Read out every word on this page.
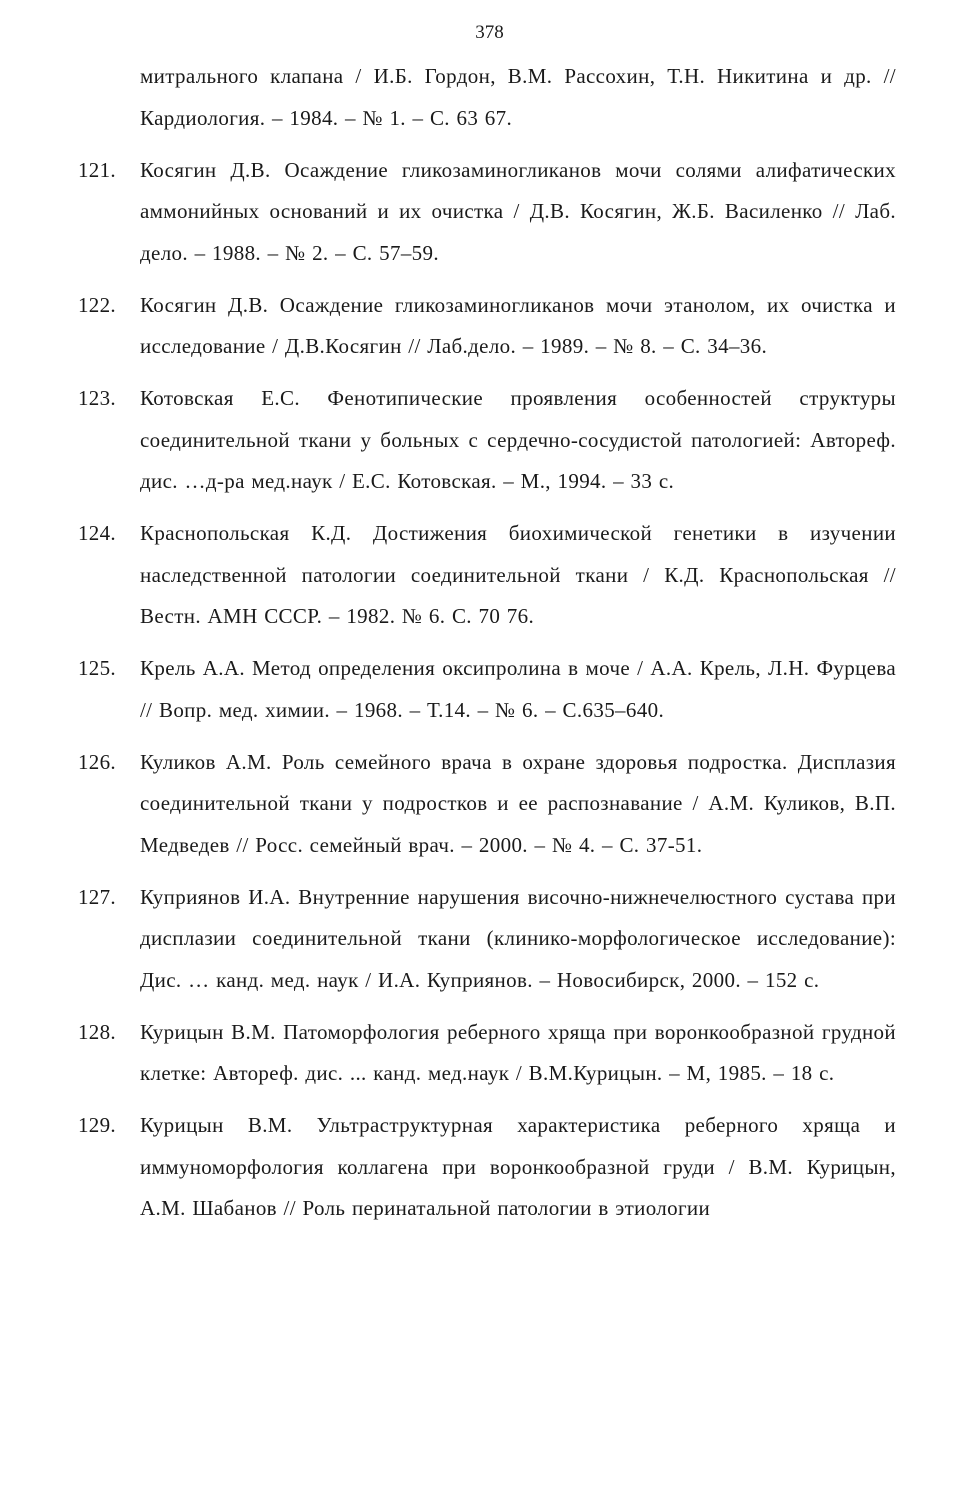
378
митрального клапана / И.Б. Гордон, В.М. Рассохин, Т.Н. Никитина и др. // Кардиология. – 1984. – № 1. – С. 63 67.
121.	Косягин Д.В. Осаждение гликозаминогликанов мочи солями алифатических аммонийных оснований и их очистка / Д.В. Косягин, Ж.Б. Василенко // Лаб. дело. – 1988. – № 2. – С. 57–59.
122.	Косягин Д.В. Осаждение гликозаминогликанов мочи этанолом, их очистка и исследование / Д.В.Косягин // Лаб.дело. – 1989. – № 8. – С. 34–36.
123.	Котовская Е.С. Фенотипические проявления особенностей структуры соединительной ткани у больных с сердечно-сосудистой патологией: Автореф. дис. …д-ра мед.наук / Е.С. Котовская. – М., 1994. – 33 с.
124.	Краснопольская К.Д. Достижения биохимической генетики в изучении наследственной патологии соединительной ткани / К.Д. Краснопольская // Вестн. АМН СССР. – 1982. № 6. С. 70 76.
125.	Крель А.А. Метод определения оксипролина в моче / А.А. Крель, Л.Н. Фурцева // Вопр. мед. химии. – 1968. – Т.14. – № 6. – С.635–640.
126.	Куликов А.М. Роль семейного врача в охране здоровья подростка. Дисплазия соединительной ткани у подростков и ее распознавание / А.М. Куликов, В.П. Медведев // Росс. семейный врач. – 2000. – № 4. – С. 37-51.
127.	Куприянов И.А. Внутренние нарушения височно-нижнечелюстного сустава при дисплазии соединительной ткани (клинико-морфологическое исследование): Дис. … канд. мед. наук / И.А. Куприянов. – Новосибирск, 2000. – 152 с.
128.	Курицын В.М. Патоморфология реберного хряща при воронкообразной грудной клетке: Автореф. дис. ... канд. мед.наук / В.М.Курицын. – М, 1985. – 18 с.
129.	Курицын В.М. Ультраструктурная характеристика реберного хряща и иммуноморфология коллагена при воронкообразной груди / В.М. Курицын, А.М. Шабанов // Роль перинатальной патологии в этиологии
